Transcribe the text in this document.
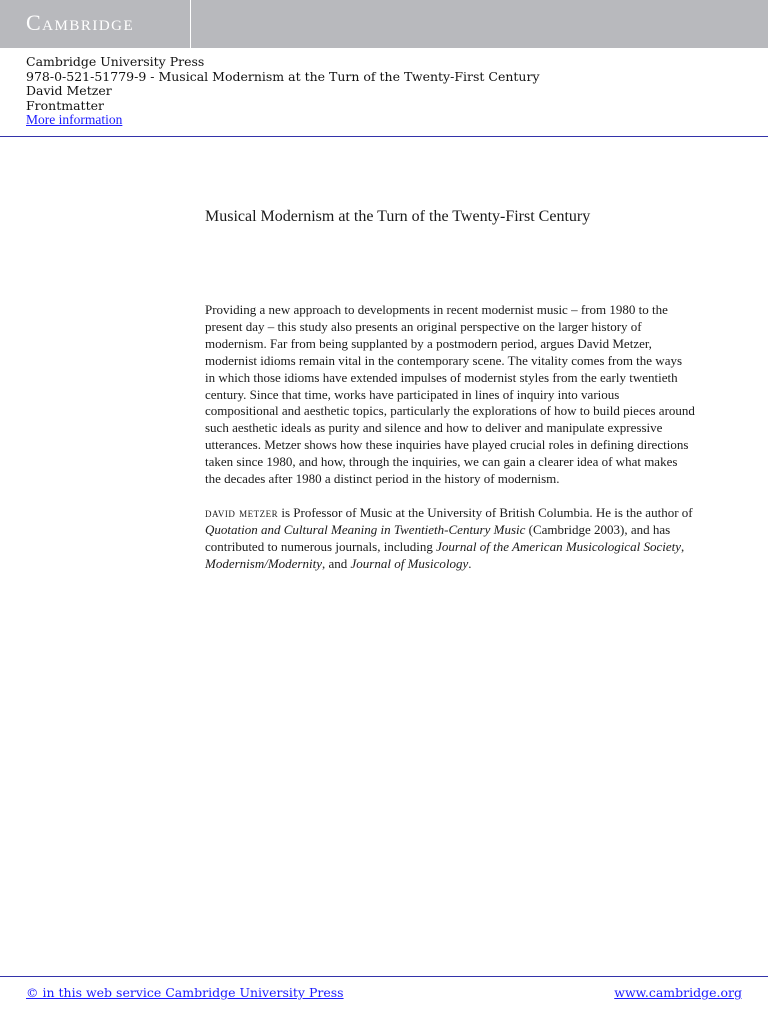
Cambridge
Cambridge University Press
978-0-521-51779-9 - Musical Modernism at the Turn of the Twenty-First Century
David Metzer
Frontmatter
More information
Musical Modernism at the Turn of the Twenty-First Century

Providing a new approach to developments in recent modernist music – from 1980 to the present day – this study also presents an original perspective on the larger history of modernism. Far from being supplanted by a postmodern period, argues David Metzer, modernist idioms remain vital in the contemporary scene. The vitality comes from the ways in which those idioms have extended impulses of modernist styles from the early twentieth century. Since that time, works have participated in lines of inquiry into various compositional and aesthetic topics, particularly the explorations of how to build pieces around such aesthetic ideals as purity and silence and how to deliver and manipulate expressive utterances. Metzer shows how these inquiries have played crucial roles in defining directions taken since 1980, and how, through the inquiries, we can gain a clearer idea of what makes the decades after 1980 a distinct period in the history of modernism.

david metzer is Professor of Music at the University of British Columbia. He is the author of Quotation and Cultural Meaning in Twentieth-Century Music (Cambridge 2003), and has contributed to numerous journals, including Journal of the American Musicological Society, Modernism/Modernity, and Journal of Musicology.

© in this web service Cambridge University Press	www.cambridge.org
